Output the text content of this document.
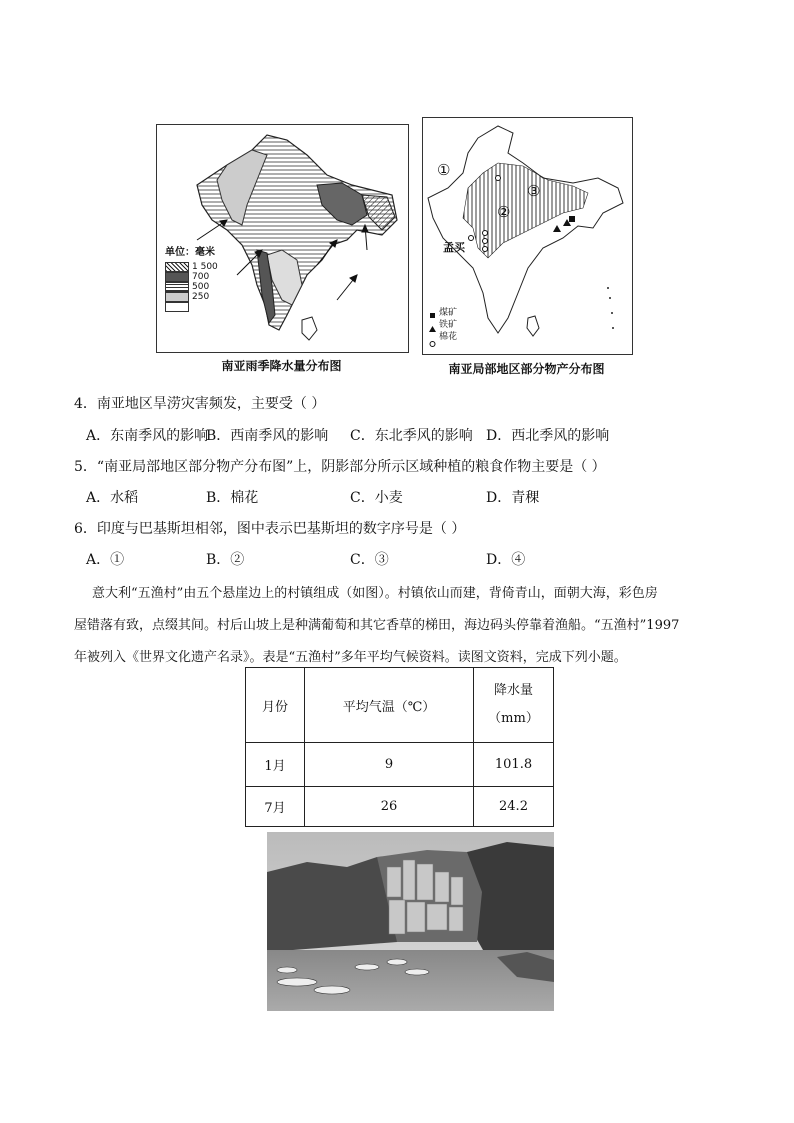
单位：毫米
1 500
700
500
250
南亚雨季降水量分布图
①
②
③
孟买
煤矿
铁矿
棉花
南亚局部地区部分物产分布图
4．南亚地区旱涝灾害频发，主要受（ ）
A．东南季风的影响
B．西南季风的影响 C．东北季风的影响 D．西北季风的影响
5．“南亚局部地区部分物产分布图”上，阴影部分所示区域种植的粮食作物主要是（ ）
A．水稻	B．棉花	C．小麦	D．青稞
6．印度与巴基斯坦相邻，图中表示巴基斯坦的数字序号是（ ）
A．①	B．②	C．③	D．④
意大利“五渔村”由五个悬崖边上的村镇组成（如图）。村镇依山而建，背倚青山，面朝大海，彩色房
屋错落有致，点缀其间。村后山坡上是种满葡萄和其它香草的梯田，海边码头停靠着渔船。“五渔村”1997
年被列入《世界文化遗产名录》。表是“五渔村”多年平均气候资料。读图文资料，完成下列小题。
月份	平均气温（℃）	降水量
（mm）

1月	9	101.8
7月	26	24.2
